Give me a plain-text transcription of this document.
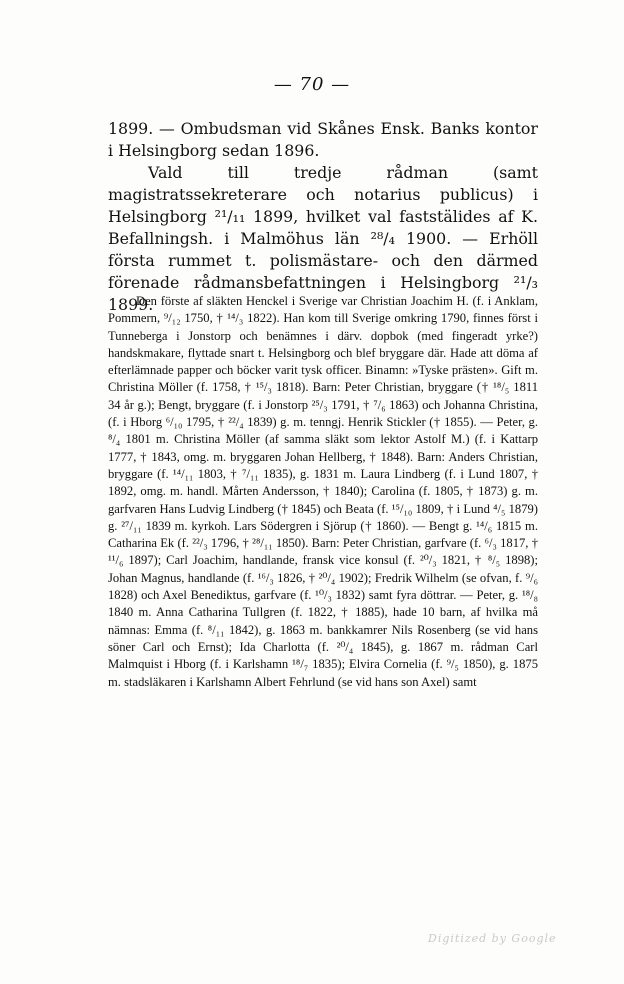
— 70 —

1899. — Ombudsman vid Skånes Ensk. Banks kontor i Helsingborg sedan 1896.

Vald till tredje rådman (samt magistratssekreterare och notarius publicus) i Helsingborg ²¹/₁₁ 1899, hvilket val faststälides af K. Befallningsh. i Malmöhus län ²⁸/₄ 1900. — Erhöll första rummet t. polismästare- och den därmed förenade rådmansbefattningen i Helsingborg ²¹/₃ 1899.

Den förste af släkten Henckel i Sverige var Christian Joachim H. (f. i Anklam, Pommern, ⁹/₁₂ 1750, † ¹⁴/₃ 1822). Han kom till Sverige omkring 1790, finnes först i Tunneberga i Jonstorp och benämnes i därv. dopbok (med fingeradt yrke?) handskmakare, flyttade snart t. Helsingborg och blef bryggare där. Hade att döma af efterlämnade papper och böcker varit tysk officer. Binamn: »Tyske prästen». Gift m. Christina Möller (f. 1758, † ¹⁵/₃ 1818). Barn: Peter Christian, bryggare († ¹⁸/₅ 1811 34 år g.); Bengt, bryggare (f. i Jonstorp ²⁵/₃ 1791, † ⁷/₆ 1863) och Johanna Christina, (f. i Hborg ⁶/₁₀ 1795, † ²²/₄ 1839) g. m. tenngj. Henrik Stickler († 1855). — Peter, g. ⁸/₄ 1801 m. Christina Möller (af samma släkt som lektor Astolf M.) (f. i Kattarp 1777, † 1843, omg. m. bryggaren Johan Hellberg, † 1848). Barn: Anders Christian, bryggare (f. ¹⁴/₁₁ 1803, † ⁷/₁₁ 1835), g. 1831 m. Laura Lindberg (f. i Lund 1807, † 1892, omg. m. handl. Mårten Andersson, † 1840); Carolina (f. 1805, † 1873) g. m. garfvaren Hans Ludvig Lindberg († 1845) och Beata (f. ¹⁵/₁₀ 1809, † i Lund ⁴/₅ 1879) g. ²⁷/₁₁ 1839 m. kyrkoh. Lars Södergren i Sjörup († 1860). — Bengt g. ¹⁴/₆ 1815 m. Catharina Ek (f. ²²/₃ 1796, † ²⁸/₁₁ 1850). Barn: Peter Christian, garfvare (f. ⁶/₃ 1817, † ¹¹/₆ 1897); Carl Joachim, handlande, fransk vice konsul (f. ²⁰/₃ 1821, † ⁸/₅ 1898); Johan Magnus, handlande (f. ¹⁶/₃ 1826, † ²⁰/₄ 1902); Fredrik Wilhelm (se ofvan, f. ⁹/₆ 1828) och Axel Benediktus, garfvare (f. ¹⁰/₃ 1832) samt fyra döttrar. — Peter, g. ¹⁸/₈ 1840 m. Anna Catharina Tullgren (f. 1822, † 1885), hade 10 barn, af hvilka må nämnas: Emma (f. ⁸/₁₁ 1842), g. 1863 m. bankkamrer Nils Rosenberg (se vid hans söner Carl och Ernst); Ida Charlotta (f. ²⁰/₄ 1845), g. 1867 m. rådman Carl Malmquist i Hborg (f. i Karlshamn ¹⁸/₇ 1835); Elvira Cornelia (f. ⁹/₅ 1850), g. 1875 m. stadsläkaren i Karlshamn Albert Fehrlund (se vid hans son Axel) samt

Digitized by Google
